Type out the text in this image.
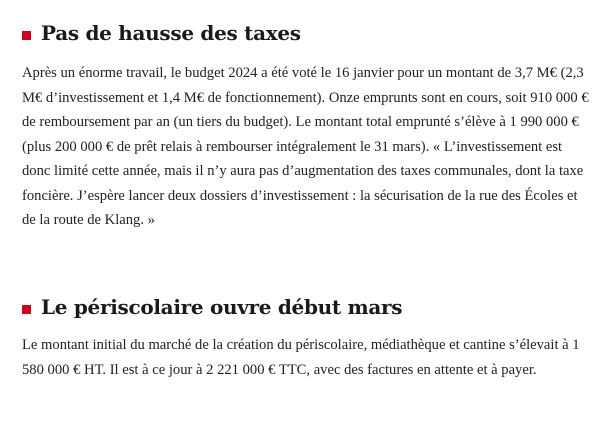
Pas de hausse des taxes

Après un énorme travail, le budget 2024 a été voté le 16 janvier pour un montant de 3,7 M€ (2,3 M€ d’investissement et 1,4 M€ de fonctionnement). Onze emprunts sont en cours, soit 910 000 € de remboursement par an (un tiers du budget). Le montant total emprunté s’élève à 1 990 000 € (plus 200 000 € de prêt relais à rembourser intégralement le 31 mars). « L’investissement est donc limité cette année, mais il n’y aura pas d’augmentation des taxes communales, dont la taxe foncière. J’espère lancer deux dossiers d’investissement : la sécurisation de la rue des Écoles et de la route de Klang. »

Le périscolaire ouvre début mars

Le montant initial du marché de la création du périscolaire, médiathèque et cantine s’élevait à 1 580 000 € HT. Il est à ce jour à 2 221 000 € TTC, avec des factures en attente et à payer.
